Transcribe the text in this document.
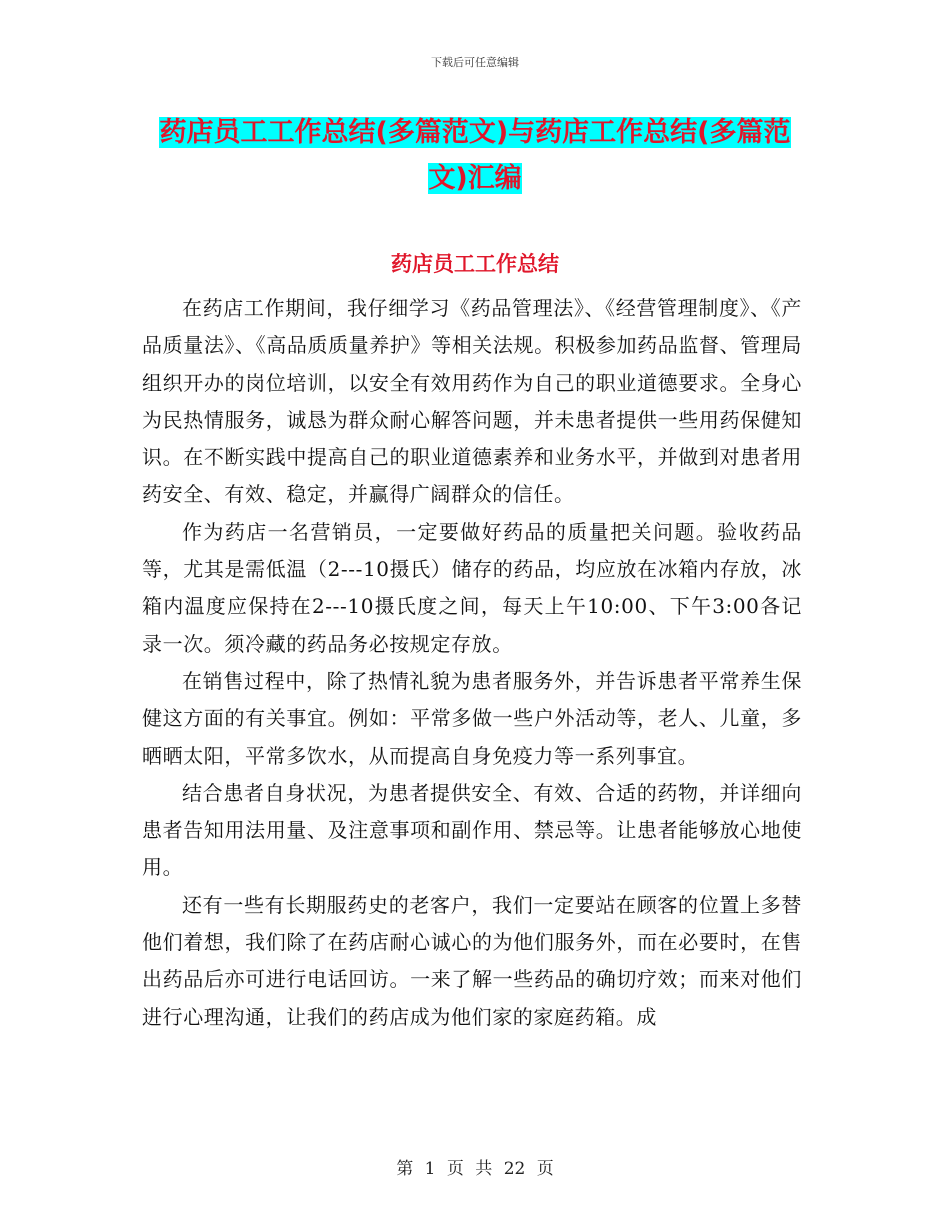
下载后可任意编辑
药店员工工作总结(多篇范文)与药店工作总结(多篇范文)汇编
药店员工工作总结

在药店工作期间，我仔细学习《药品管理法》、《经营管理制度》、《产品质量法》、《高品质质量养护》等相关法规。积极参加药品监督、管理局组织开办的岗位培训，以安全有效用药作为自己的职业道德要求。全身心为民热情服务，诚恳为群众耐心解答问题，并未患者提供一些用药保健知识。在不断实践中提高自己的职业道德素养和业务水平，并做到对患者用药安全、有效、稳定，并赢得广阔群众的信任。

作为药店一名营销员，一定要做好药品的质量把关问题。验收药品等，尤其是需低温（2---10摄氏）储存的药品，均应放在冰箱内存放，冰箱内温度应保持在2---10摄氏度之间，每天上午10:00、下午3:00各记录一次。须冷藏的药品务必按规定存放。

在销售过程中，除了热情礼貌为患者服务外，并告诉患者平常养生保健这方面的有关事宜。例如：平常多做一些户外活动等，老人、儿童，多晒晒太阳，平常多饮水，从而提高自身免疫力等一系列事宜。

结合患者自身状况，为患者提供安全、有效、合适的药物，并详细向患者告知用法用量、及注意事项和副作用、禁忌等。让患者能够放心地使用。

还有一些有长期服药史的老客户，我们一定要站在顾客的位置上多替他们着想，我们除了在药店耐心诚心的为他们服务外，而在必要时，在售出药品后亦可进行电话回访。一来了解一些药品的确切疗效；而来对他们进行心理沟通，让我们的药店成为他们家的家庭药箱。成

第 1 页 共 22 页
